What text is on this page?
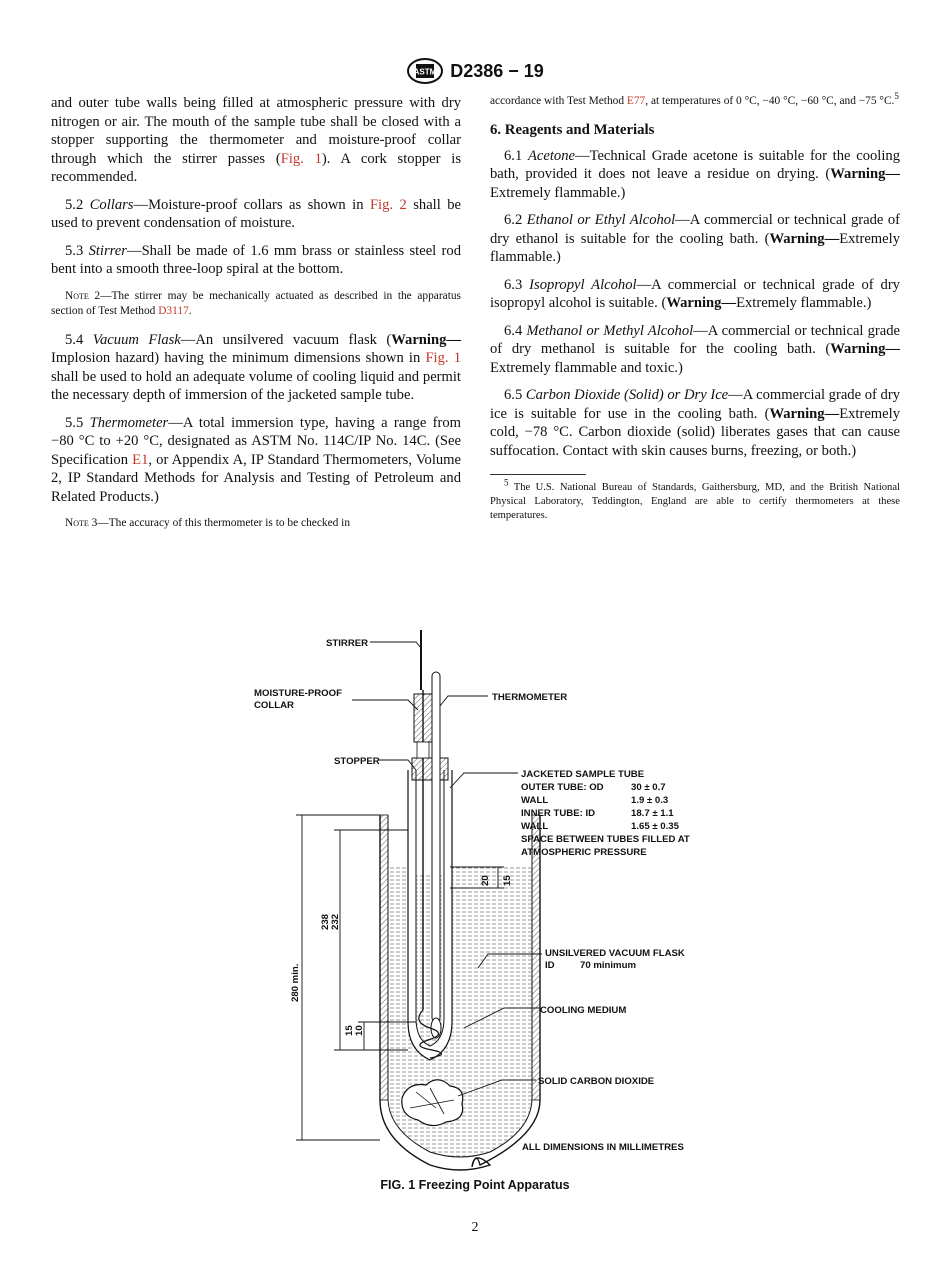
ASTM D2386 − 19

and outer tube walls being filled at atmospheric pressure with dry nitrogen or air. The mouth of the sample tube shall be closed with a stopper supporting the thermometer and moisture-proof collar through which the stirrer passes (Fig. 1). A cork stopper is recommended.

5.2 Collars—Moisture-proof collars as shown in Fig. 2 shall be used to prevent condensation of moisture.

5.3 Stirrer—Shall be made of 1.6 mm brass or stainless steel rod bent into a smooth three-loop spiral at the bottom.

Note 2—The stirrer may be mechanically actuated as described in the apparatus section of Test Method D3117.

5.4 Vacuum Flask—An unsilvered vacuum flask (Warning—Implosion hazard) having the minimum dimensions shown in Fig. 1 shall be used to hold an adequate volume of cooling liquid and permit the necessary depth of immersion of the jacketed sample tube.

5.5 Thermometer—A total immersion type, having a range from −80 °C to +20 °C, designated as ASTM No. 114C/IP No. 14C. (See Specification E1, or Appendix A, IP Standard Thermometers, Volume 2, IP Standard Methods for Analysis and Testing of Petroleum and Related Products.)

Note 3—The accuracy of this thermometer is to be checked in

accordance with Test Method E77, at temperatures of 0 °C, −40 °C, −60 °C, and −75 °C.$^5$

6. Reagents and Materials

6.1 Acetone—Technical Grade acetone is suitable for the cooling bath, provided it does not leave a residue on drying. (Warning—Extremely flammable.)

6.2 Ethanol or Ethyl Alcohol—A commercial or technical grade of dry ethanol is suitable for the cooling bath. (Warning—Extremely flammable.)

6.3 Isopropyl Alcohol—A commercial or technical grade of dry isopropyl alcohol is suitable. (Warning—Extremely flammable.)

6.4 Methanol or Methyl Alcohol—A commercial or technical grade of dry methanol is suitable for the cooling bath. (Warning—Extremely flammable and toxic.)

6.5 Carbon Dioxide (Solid) or Dry Ice—A commercial grade of dry ice is suitable for use in the cooling bath. (Warning—Extremely cold, −78 °C. Carbon dioxide (solid) liberates gases that can cause suffocation. Contact with skin causes burns, freezing, or both.)

$^5$ The U.S. National Bureau of Standards, Gaithersburg, MD, and the British National Physical Laboratory, Teddington, England are able to certify thermometers at these temperatures.
STIRRER
MOISTURE-PROOF
COLLAR
THERMOMETER
STOPPER
JACKETED SAMPLE TUBE
OUTER TUBE: OD	30 ± 0.7
WALL	1.9 ± 0.3
INNER TUBE: ID	18.7 ± 1.1
WALL	1.65 ± 0.35
SPACE BETWEEN TUBES FILLED AT
ATMOSPHERIC PRESSURE
20 15
238 232
280 min.
15 10
UNSILVERED VACUUM FLASK
ID	70 minimum
COOLING MEDIUM
SOLID CARBON DIOXIDE
ALL DIMENSIONS IN MILLIMETRES
FIG. 1 Freezing Point Apparatus
2
